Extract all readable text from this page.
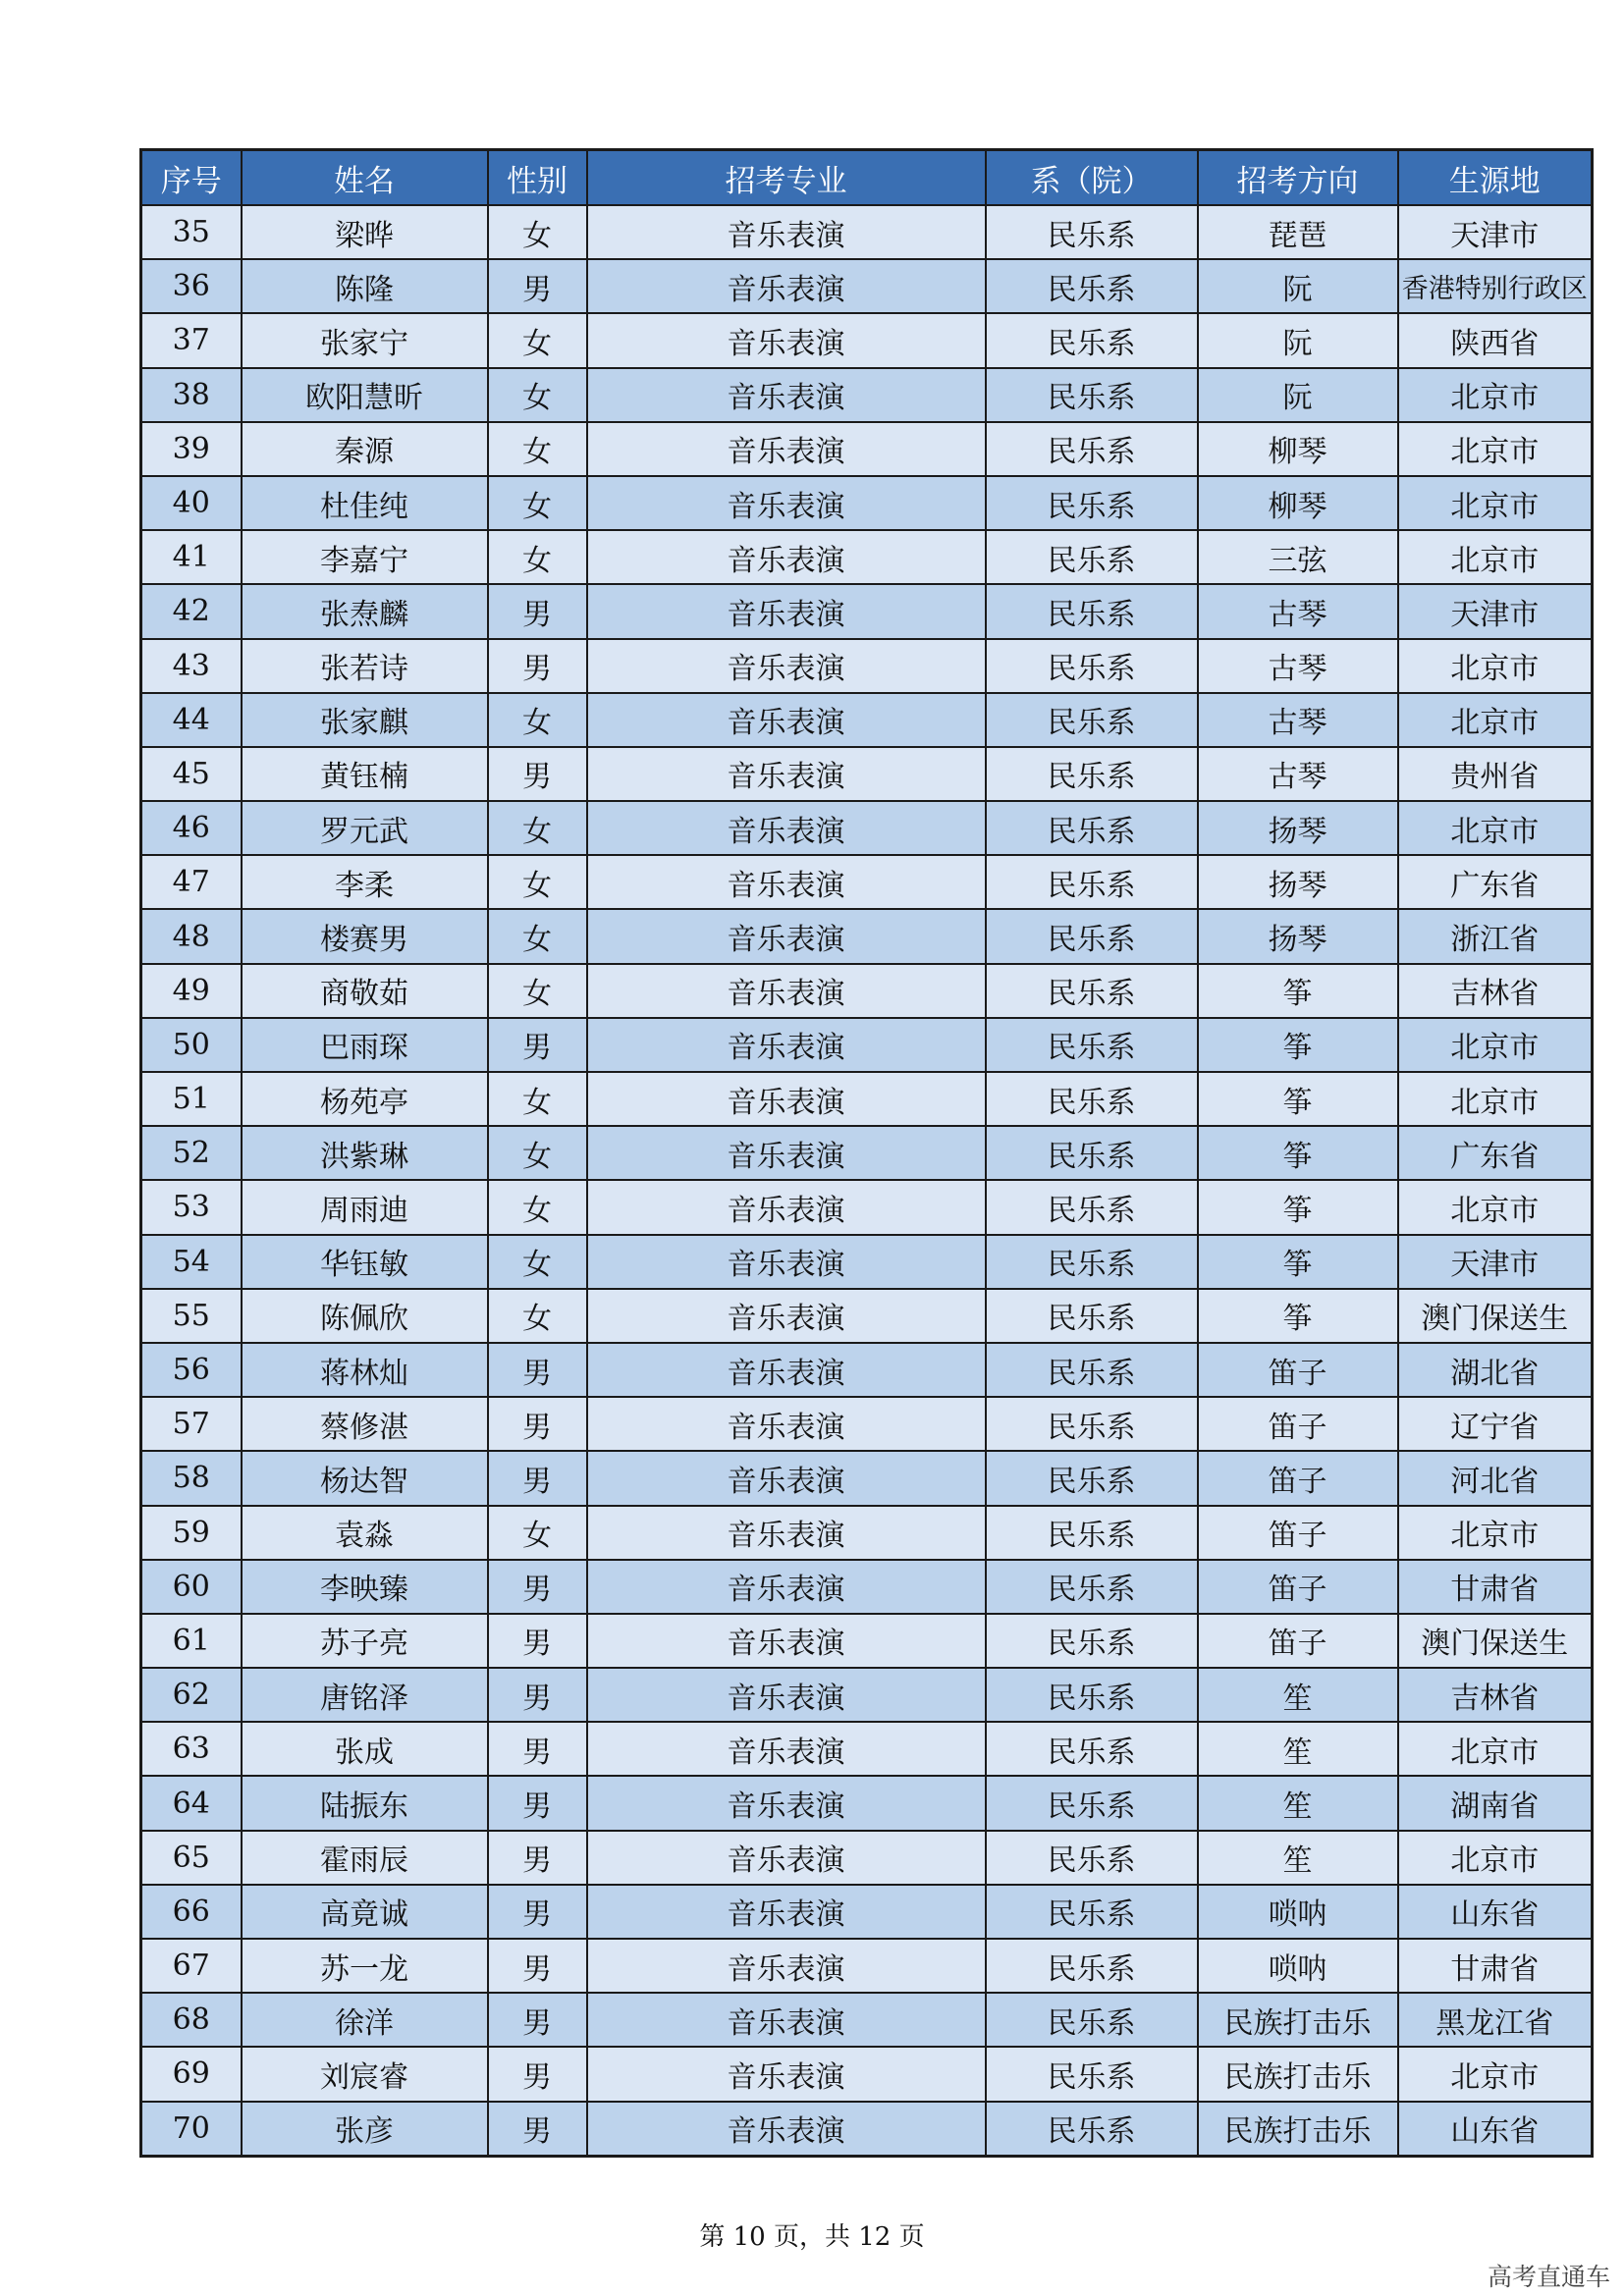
序号	姓名	性别	招考专业	系（院）	招考方向	生源地
35	梁晔	女	音乐表演	民乐系	琵琶	天津市
36	陈隆	男	音乐表演	民乐系	阮	香港特别行政区
37	张家宁	女	音乐表演	民乐系	阮	陕西省
38	欧阳慧昕	女	音乐表演	民乐系	阮	北京市
39	秦源	女	音乐表演	民乐系	柳琴	北京市
40	杜佳纯	女	音乐表演	民乐系	柳琴	北京市
41	李嘉宁	女	音乐表演	民乐系	三弦	北京市
42	张焘麟	男	音乐表演	民乐系	古琴	天津市
43	张若诗	男	音乐表演	民乐系	古琴	北京市
44	张家麒	女	音乐表演	民乐系	古琴	北京市
45	黄钰楠	男	音乐表演	民乐系	古琴	贵州省
46	罗元武	女	音乐表演	民乐系	扬琴	北京市
47	李柔	女	音乐表演	民乐系	扬琴	广东省
48	楼赛男	女	音乐表演	民乐系	扬琴	浙江省
49	商敬茹	女	音乐表演	民乐系	筝	吉林省
50	巴雨琛	男	音乐表演	民乐系	筝	北京市
51	杨苑亭	女	音乐表演	民乐系	筝	北京市
52	洪紫琳	女	音乐表演	民乐系	筝	广东省
53	周雨迪	女	音乐表演	民乐系	筝	北京市
54	华钰敏	女	音乐表演	民乐系	筝	天津市
55	陈佩欣	女	音乐表演	民乐系	筝	澳门保送生
56	蒋林灿	男	音乐表演	民乐系	笛子	湖北省
57	蔡修湛	男	音乐表演	民乐系	笛子	辽宁省
58	杨达智	男	音乐表演	民乐系	笛子	河北省
59	袁淼	女	音乐表演	民乐系	笛子	北京市
60	李映臻	男	音乐表演	民乐系	笛子	甘肃省
61	苏子亮	男	音乐表演	民乐系	笛子	澳门保送生
62	唐铭泽	男	音乐表演	民乐系	笙	吉林省
63	张成	男	音乐表演	民乐系	笙	北京市
64	陆振东	男	音乐表演	民乐系	笙	湖南省
65	霍雨辰	男	音乐表演	民乐系	笙	北京市
66	高竟诚	男	音乐表演	民乐系	唢呐	山东省
67	苏一龙	男	音乐表演	民乐系	唢呐	甘肃省
68	徐洋	男	音乐表演	民乐系	民族打击乐	黑龙江省
69	刘宸睿	男	音乐表演	民乐系	民族打击乐	北京市
70	张彦	男	音乐表演	民乐系	民族打击乐	山东省
第 10 页，共 12 页
高考直通车
